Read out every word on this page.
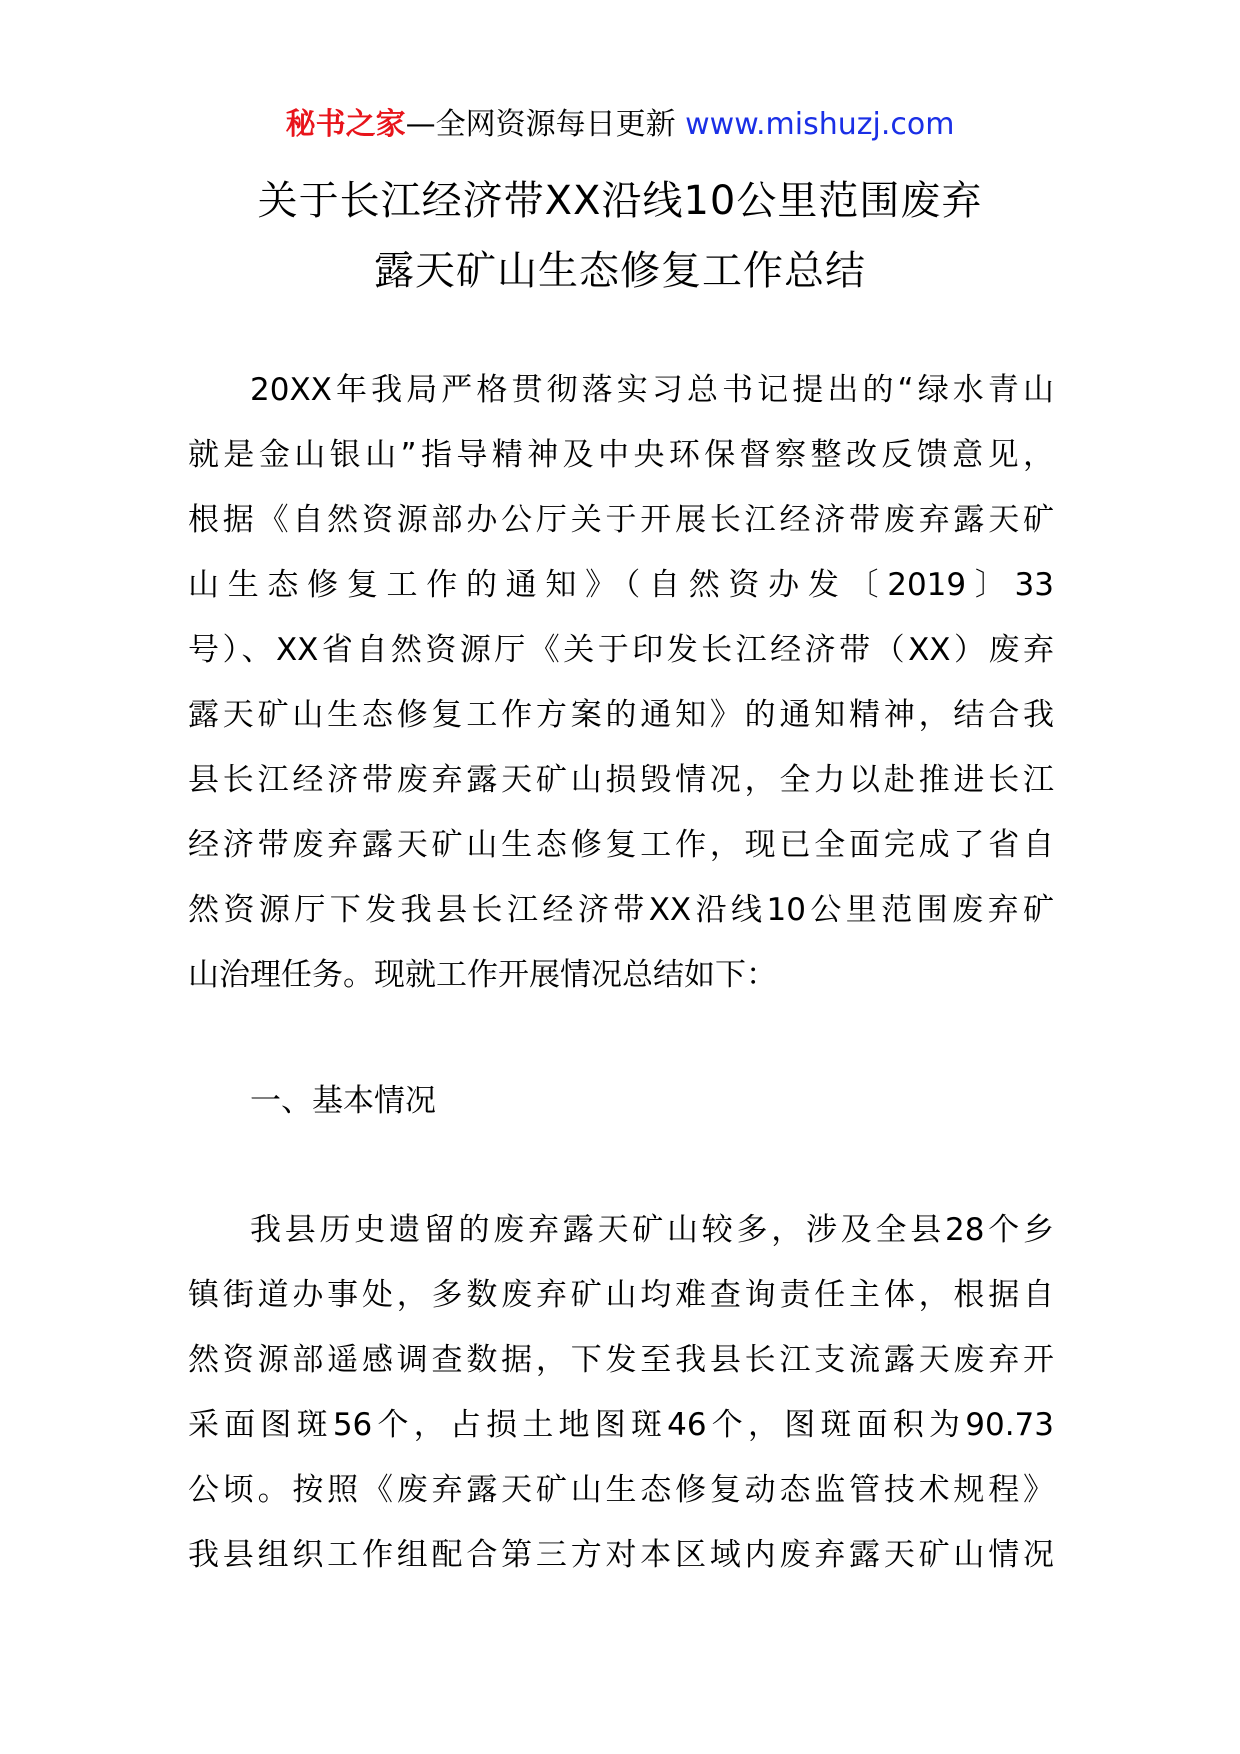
秘书之家—全网资源每日更新 www.mishuzj.com
关于长江经济带XX沿线10公里范围废弃
露天矿山生态修复工作总结
20XX年我局严格贯彻落实习总书记提出的“绿水青山
就是金山银山”指导精神及中央环保督察整改反馈意见，
根据《自然资源部办公厅关于开展长江经济带废弃露天矿
山生态修复工作的通知》（自然资办发〔2019〕33
号）、XX省自然资源厅《关于印发长江经济带（XX）废弃
露天矿山生态修复工作方案的通知》的通知精神，结合我
县长江经济带废弃露天矿山损毁情况，全力以赴推进长江
经济带废弃露天矿山生态修复工作，现已全面完成了省自
然资源厅下发我县长江经济带XX沿线10公里范围废弃矿
山治理任务。现就工作开展情况总结如下：
一、基本情况
我县历史遗留的废弃露天矿山较多，涉及全县28个乡
镇街道办事处，多数废弃矿山均难查询责任主体，根据自
然资源部遥感调查数据，下发至我县长江支流露天废弃开
采面图斑56个，占损土地图斑46个，图斑面积为90.73
公顷。按照《废弃露天矿山生态修复动态监管技术规程》
我县组织工作组配合第三方对本区域内废弃露天矿山情况
